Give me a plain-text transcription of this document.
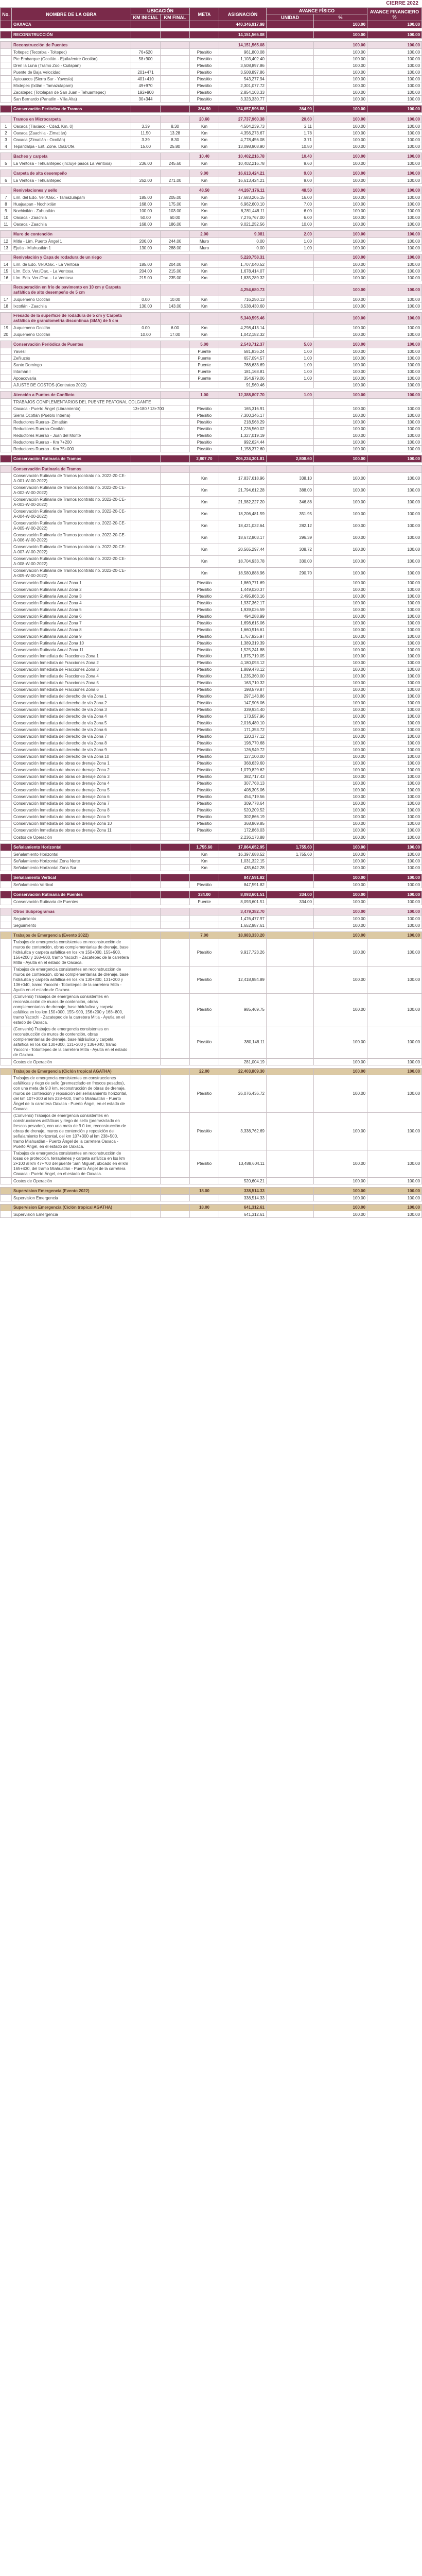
CIERRE 2022
No.	NOMBRE DE LA OBRA	UBICACIÓN		META	ASIGNACIÓN	AVANCE FÍSICO		AVANCE FINANCIERO %
		KM INICIAL	KM FINAL			UNIDAD	%	
	OAXACA				440,346,917.98		100.00	100.00

	RECONSTRUCCIÓN				14,151,565.08		100.00	100.00

	Reconstrucción de Puentes				14,151,565.08		100.00	100.00
	Toltepec (Tecorixa - Toltepec)	76+520		Pte/sitio	961,800.08		100.00	100.00
	Pte Embarque (Ocotlán - Ejutla/entre Ocotlán)	58+900		Pte/sitio	1,103,402.40		100.00	100.00
	Dren la Luna (Tramo Zoo - Cuilapan)			Pte/sitio	3,508,897.86		100.00	100.00
	Puente de Baja Velocidad	201+471		Pte/sitio	3,508,897.86		100.00	100.00
	Aytouacos (Sierra Sur - Yavesía)	401+410		Pte/sitio	543,277.94		100.00	100.00
	Mixtepec (Ixtlán - Tamazulapam)	49+970		Pte/sitio	2,301,077.72		100.00	100.00
	Zacatepec (Totolapan de San Juan - Tehuantepec)	192+900		Pte/sitio	2,854,103.33		100.00	100.00
	San Bernardo (Panatlin - Villa Alta)	30+344		Pte/sitio	3,323,330.77		100.00	100.00

	Conservación Periódica de Tramos			364.90	124,657,596.88	364.90	100.00	100.00

	Tramos en Microcarpeta			20.60	27,737,960.38	20.60	100.00	100.00
1	Oaxaca (Tlaxiaco - Cdad. Km. 0)	3.39	8.30	Km	4,504,239.73	2.11	100.00	100.00
2	Oaxaca (Zaachila - Zimatlán)	11.50	13.28	Km	4,356,273.67	1.78	100.00	100.00
3	Oaxaca (Zimatlán - Ocotlán)	3.39	8.30	Km	4,778,456.08	3.71	100.00	100.00
4	Tepantlalpa - Ent. Zone. Diaz/Ote.	15.00	25.80	Km	13,098,908.90	10.80	100.00	100.00

	Bacheo y carpeta			10.40	10,402,216.78	10.40	100.00	100.00
5	La Ventosa - Tehuantepec (incluye pasos La Ventosa)	236.00	245.60	Km	10,402,216.78	9.60	100.00	100.00

	Carpeta de alta desempeño			9.00	16,613,424.21	9.00	100.00	100.00
6	La Ventosa - Tehuantepec	262.00	271.00	Km	16,613,424.21	9.00	100.00	100.00

	Renivelaciones y sello			48.50	44,267,176.11	48.50	100.00	100.00
7	Lím. del Edo. Ver./Oax. - Tamazulapam	185.00	205.00	Km	17,683,205.15	16.00	100.00	100.00
8	Huajuapan - Nochixtlán	168.00	175.00	Km	6,962,600.10	7.00	100.00	100.00
9	Nochixtlán - Zahuatlán	100.00	103.00	Km	6,281,448.11	6.00	100.00	100.00
10	Oaxaca - Zaachila	50.00	60.00	Km	7,276,767.00	6.00	100.00	100.00
11	Oaxaca - Zaachila	168.00	186.00	Km	9,021,252.56	10.00	100.00	100.00

	Muro de contención			2.00	9,081	2.00	100.00	100.00
12	Mitla - Lím. Puerto Ángel 1	206.00	244.00	Muro	0.00	1.00	100.00	100.00
13	Ejutla - Miahuatlán 1	130.00	288.00	Muro	0.00	1.00	100.00	100.00

	Renivelación y Capa de rodadura de un riego				5,220,758.31		100.00	100.00
14	Lím. de Edo. Ver./Oax. - La Ventosa	185.00	204.00	Km	1,707,040.52		100.00	100.00
15	Lím. Edo. Ver./Oax. - La Ventosa	204.00	215.00	Km	1,678,414.07		100.00	100.00
16	Lím. Edo. Ver./Oax. - La Ventosa	215.00	235.00	Km	1,835,289.32		100.00	100.00

	Recuperación en frío de pavimento en 10 cm y Carpeta asfáltica de alto desempeño de 5 cm				4,254,680.73		100.00	100.00
17	Juquemeno Ocotlán	0.00	10.00	Km	716,250.13		100.00	100.00
18	Ixcotlán - Zaachila	130.00	143.00	Km	3,538,430.60		100.00	100.00

	Fresado de la superficie de rodadura de 5 cm y Carpeta asfáltica de granulometría discontinua (SMA) de 5 cm				5,340,595.46		100.00	100.00
19	Juquemeno Ocotlán	0.00	6.00	Km	4,298,413.14		100.00	100.00
20	Juquemeno Ocotlán	10.00	17.00	Km	1,042,182.32		100.00	100.00

	Conservación Periódica de Puentes			5.00	2,543,712.37	5.00	100.00	100.00
	Yavesí			Puente	581,836.24	1.00	100.00	100.00
	Zeñluzés			Puente	657,094.57	1.00	100.00	100.00
	Santo Domingo			Puente	768,633.69	1.00	100.00	100.00
	Intamán I			Puente	181,168.81	1.00	100.00	100.00
	Apoacovaria			Puente	354,979.06	1.00	100.00	100.00
	AJUSTE DE COSTOS (Contratos 2022)				91,560.46		100.00	100.00

	Atención a Puntos de Conflicto			1.00	12,388,807.70	1.00	100.00	100.00
	TRABAJOS COMPLEMENTARIOS DEL PUENTE PEATONAL COLGANTE							
	Oaxaca - Puerto Ángel (Libramiento)	13+180 / 13+700		Pte/sitio	165,316.91		100.00	100.00
	Sierra Ocotlán (Pueblo Interna)			Pte/sitio	7,300,346.17		100.00	100.00
	Reductores Ruerao- Zimatlán			Pte/sitio	218,568.29		100.00	100.00
	Reductores Ruerao-Ocotlán			Pte/sitio	1,226,560.02		100.00	100.00
	Reductores Ruerao - Juan del Monte			Pte/sitio	1,327,019.19		100.00	100.00
	Reductores Ruerao - Km 7+200			Pte/sitio	992,624.44		100.00	100.00
	Reductores Ruerao - Km 75+000			Pte/sitio	1,158,372.60		100.00	100.00

	Conservación Rutinaria de Tramos			2,807.70	206,224,301.81	2,808.60	100.00	100.00

	Conservación Rutinaria de Tramos							
	Conservación Rutinaria de Tramos (contrato no. 2022-20-CE-A-001-W-00-2022)			Km	17,837,618.96	338.10	100.00	100.00
	Conservación Rutinaria de Tramos (contrato no. 2022-20-CE-A-002-W-00-2022)			Km	21,794,612.28	388.00	100.00	100.00
	Conservación Rutinaria de Tramos (contrato no. 2022-20-CE-A-003-W-00-2022)			Km	21,982,227.20	346.88	100.00	100.00
	Conservación Rutinaria de Tramos (contrato no. 2022-20-CE-A-004-W-00-2022)			Km	18,206,481.59	351.95	100.00	100.00
	Conservación Rutinaria de Tramos (contrato no. 2022-20-CE-A-005-W-00-2022)			Km	18,421,032.64	282.12	100.00	100.00
	Conservación Rutinaria de Tramos (contrato no. 2022-20-CE-A-006-W-00-2022)			Km	18,672,803.17	296.39	100.00	100.00
	Conservación Rutinaria de Tramos (contrato no. 2022-20-CE-A-007-W-00-2022)			Km	20,565,297.44	308.72	100.00	100.00
	Conservación Rutinaria de Tramos (contrato no. 2022-20-CE-A-008-W-00-2022)			Km	18,704,933.78	330.00	100.00	100.00
	Conservación Rutinaria de Tramos (contrato no. 2022-20-CE-A-009-W-00-2022)			Km	18,580,888.96	290.70	100.00	100.00
	Conservación Rutinaria Anual Zona 1			Pte/sitio	1,869,771.69		100.00	100.00
	Conservación Rutinaria Anual Zona 2			Pte/sitio	1,449,020.37		100.00	100.00
	Conservación Rutinaria Anual Zona 3			Pte/sitio	2,495,863.16		100.00	100.00
	Conservación Rutinaria Anual Zona 4			Pte/sitio	1,937,362.17		100.00	100.00
	Conservación Rutinaria Anual Zona 5			Pte/sitio	1,939,026.59		100.00	100.00
	Conservación Rutinaria Anual Zona 6			Pte/sitio	494,288.99		100.00	100.00
	Conservación Rutinaria Anual Zona 7			Pte/sitio	1,698,615.06		100.00	100.00
	Conservación Rutinaria Anual Zona 8			Pte/sitio	1,660,916.61		100.00	100.00
	Conservación Rutinaria Anual Zona 9			Pte/sitio	1,767,925.97		100.00	100.00
	Conservación Rutinaria Anual Zona 10			Pte/sitio	1,389,319.39		100.00	100.00
	Conservación Rutinaria Anual Zona 11			Pte/sitio	1,525,241.88		100.00	100.00
	Conservación Inmediata de Fracciones Zona 1			Pte/sitio	1,875,719.05		100.00	100.00
	Conservación Inmediata de Fracciones Zona 2			Pte/sitio	4,180,093.12		100.00	100.00
	Conservación Inmediata de Fracciones Zona 3			Pte/sitio	1,889,478.12		100.00	100.00
	Conservación Inmediata de Fracciones Zona 4			Pte/sitio	1,235,360.00		100.00	100.00
	Conservación Inmediata de Fracciones Zona 5			Pte/sitio	163,710.32		100.00	100.00
	Conservación Inmediata de Fracciones Zona 6			Pte/sitio	198,579.87		100.00	100.00
	Conservación Inmediata del derecho de vía Zona 1			Pte/sitio	297,143.86		100.00	100.00
	Conservación Inmediata del derecho de vía Zona 2			Pte/sitio	147,906.06		100.00	100.00
	Conservación Inmediata del derecho de vía Zona 3			Pte/sitio	339,934.40		100.00	100.00
	Conservación Inmediata del derecho de vía Zona 4			Pte/sitio	173,557.96		100.00	100.00
	Conservación Inmediata del derecho de vía Zona 5			Pte/sitio	2,016,480.10		100.00	100.00
	Conservación Inmediata del derecho de vía Zona 6			Pte/sitio	171,353.72		100.00	100.00
	Conservación Inmediata del derecho de vía Zona 7			Pte/sitio	120,377.12		100.00	100.00
	Conservación Inmediata del derecho de vía Zona 8			Pte/sitio	198,770.68		100.00	100.00
	Conservación Inmediata del derecho de vía Zona 9			Pte/sitio	126,949.72		100.00	100.00
	Conservación Inmediata del derecho de vía Zona 10			Pte/sitio	127,100.00		100.00	100.00
	Conservación Inmediata de obras de drenaje Zona 1			Pte/sitio	368,639.60		100.00	100.00
	Conservación Inmediata de obras de drenaje Zona 2			Pte/sitio	1,079,829.62		100.00	100.00
	Conservación Inmediata de obras de drenaje Zona 3			Pte/sitio	382,717.43		100.00	100.00
	Conservación Inmediata de obras de drenaje Zona 4			Pte/sitio	307,768.13		100.00	100.00
	Conservación Inmediata de obras de drenaje Zona 5			Pte/sitio	408,305.06		100.00	100.00
	Conservación Inmediata de obras de drenaje Zona 6			Pte/sitio	454,719.56		100.00	100.00
	Conservación Inmediata de obras de drenaje Zona 7			Pte/sitio	309,778.64		100.00	100.00
	Conservación Inmediata de obras de drenaje Zona 8			Pte/sitio	520,209.52		100.00	100.00
	Conservación Inmediata de obras de drenaje Zona 9			Pte/sitio	302,866.19		100.00	100.00
	Conservación Inmediata de obras de drenaje Zona 10			Pte/sitio	368,869.85		100.00	100.00
	Conservación Inmediata de obras de drenaje Zona 11			Pte/sitio	172,868.03		100.00	100.00
	Costos de Operación				2,236,173.88		100.00	100.00

	Señalamiento Horizontal			1,755.60	17,864,652.95	1,755.60	100.00	100.00
	Señalamiento Horizontal			Km	16,397,688.52	1,755.60	100.00	100.00
	Señalamiento Horizontal Zona Norte			Km	1,031,322.15		100.00	100.00
	Señalamiento Horizontal Zona Sur			Km	435,642.28		100.00	100.00

	Señalamiento Vertical				847,591.82		100.00	100.00
	Señalamiento Vertical			Pte/sitio	847,591.82		100.00	100.00

	Conservación Rutinaria de Puentes			334.00	8,093,601.51	334.00	100.00	100.00
	Conservación Rutinaria de Puentes			Puente	8,093,601.51	334.00	100.00	100.00

	Otros Subprogramas				3,479,382.70		100.00	100.00
	Seguimiento				1,476,477.97		100.00	100.00
	Seguimiento				1,652,987.61		100.00	100.00

	Trabajos de Emergencia (Evento 2022)			7.00	18,983,330.20		100.00	100.00
	Trabajos de emergencia consistentes en reconstrucción de muros de contención, obras complementarias de drenaje, base hidráulica y carpeta asfáltica en los km 150+000, 155+900, 156+200 y 168+800, tramo Yacochi - Zacatepec de la carretera Mitla - Ayutla en el estado de Oaxaca.			Pte/sitio	9,917,723.26		100.00	100.00
	Trabajos de emergencia consistentes en reconstrucción de muros de contención, obras complementarias de drenaje, base hidráulica y carpeta asfáltica en los km 130+300, 131+200 y 136+040, tramo Yacochi - Totontepec de la carretera Mitla - Ayutla en el estado de Oaxaca.			Pte/sitio	12,418,984.89		100.00	100.00
	(Convenio) Trabajos de emergencia consistentes en reconstrucción de muros de contención, obras complementarias de drenaje, base hidráulica y carpeta asfáltica en los km 150+000, 155+900, 156+200 y 168+800, tramo Yacochi - Zacatepec de la carretera Mitla - Ayutla en el estado de Oaxaca.			Pte/sitio	985,469.75		100.00	100.00
	(Convenio) Trabajos de emergencia consistentes en reconstrucción de muros de contención, obras complementarias de drenaje, base hidráulica y carpeta asfáltica en los km 130+300, 131+200 y 136+040, tramo Yacochi - Totontepec de la carretera Mitla - Ayutla en el estado de Oaxaca.			Pte/sitio	380,148.11		100.00	100.00
	Costos de Operación				281,004.19		100.00	100.00

	Trabajos de Emergencia (Ciclón tropical AGATHA)			22.00	22,403,809.30		100.00	100.00
	Trabajos de emergencia consistentes en construcciones asfálticas y riego de sello (premezclado en frescos pesados), con una meta de 9.0 km, reconstrucción de obras de drenaje, muros de contención y reposición del señalamiento horizontal, del km 107+300 al km 238+500, tramo Miahuatlán - Puerto Ángel de la carretera Oaxaca - Puerto Ángel, en el estado de Oaxaca.			Pte/sitio	26,076,436.72		100.00	100.00
	(Convenio) Trabajos de emergencia consistentes en construcciones asfálticas y riego de sello (premezclado en frescos pesados), con una meta de 9.0 km, reconstrucción de obras de drenaje, muros de contención y reposición del señalamiento horizontal, del km 107+300 al km 238+500, tramo Miahuatlán - Puerto Ángel de la carretera Oaxaca - Puerto Ángel, en el estado de Oaxaca.			Pte/sitio	3,338,762.69		100.00	100.00
	Trabajos de emergencia consistentes en reconstrucción de losas de protección, terraplenes y carpeta asfáltica en los km 2+100 al km 47+700 del puente 'San Miguel', ubicado en el km 165+430, del tramo Miahuatlán - Puerto Ángel de la carretera Oaxaca - Puerto Ángel, en el estado de Oaxaca.			Pte/sitio	13,488,604.11		100.00	100.00
	Costos de Operación				520,604.21		100.00	100.00

	Supervision Emergencia (Evento 2022)			18.00	338,514.33		100.00	100.00
	Supervision Emergencia				338,514.33		100.00	100.00

	Supervision Emergencia (Ciclón tropical AGATHA)			18.00	641,312.61		100.00	100.00
	Supervision Emergencia				641,312.61		100.00	100.00
